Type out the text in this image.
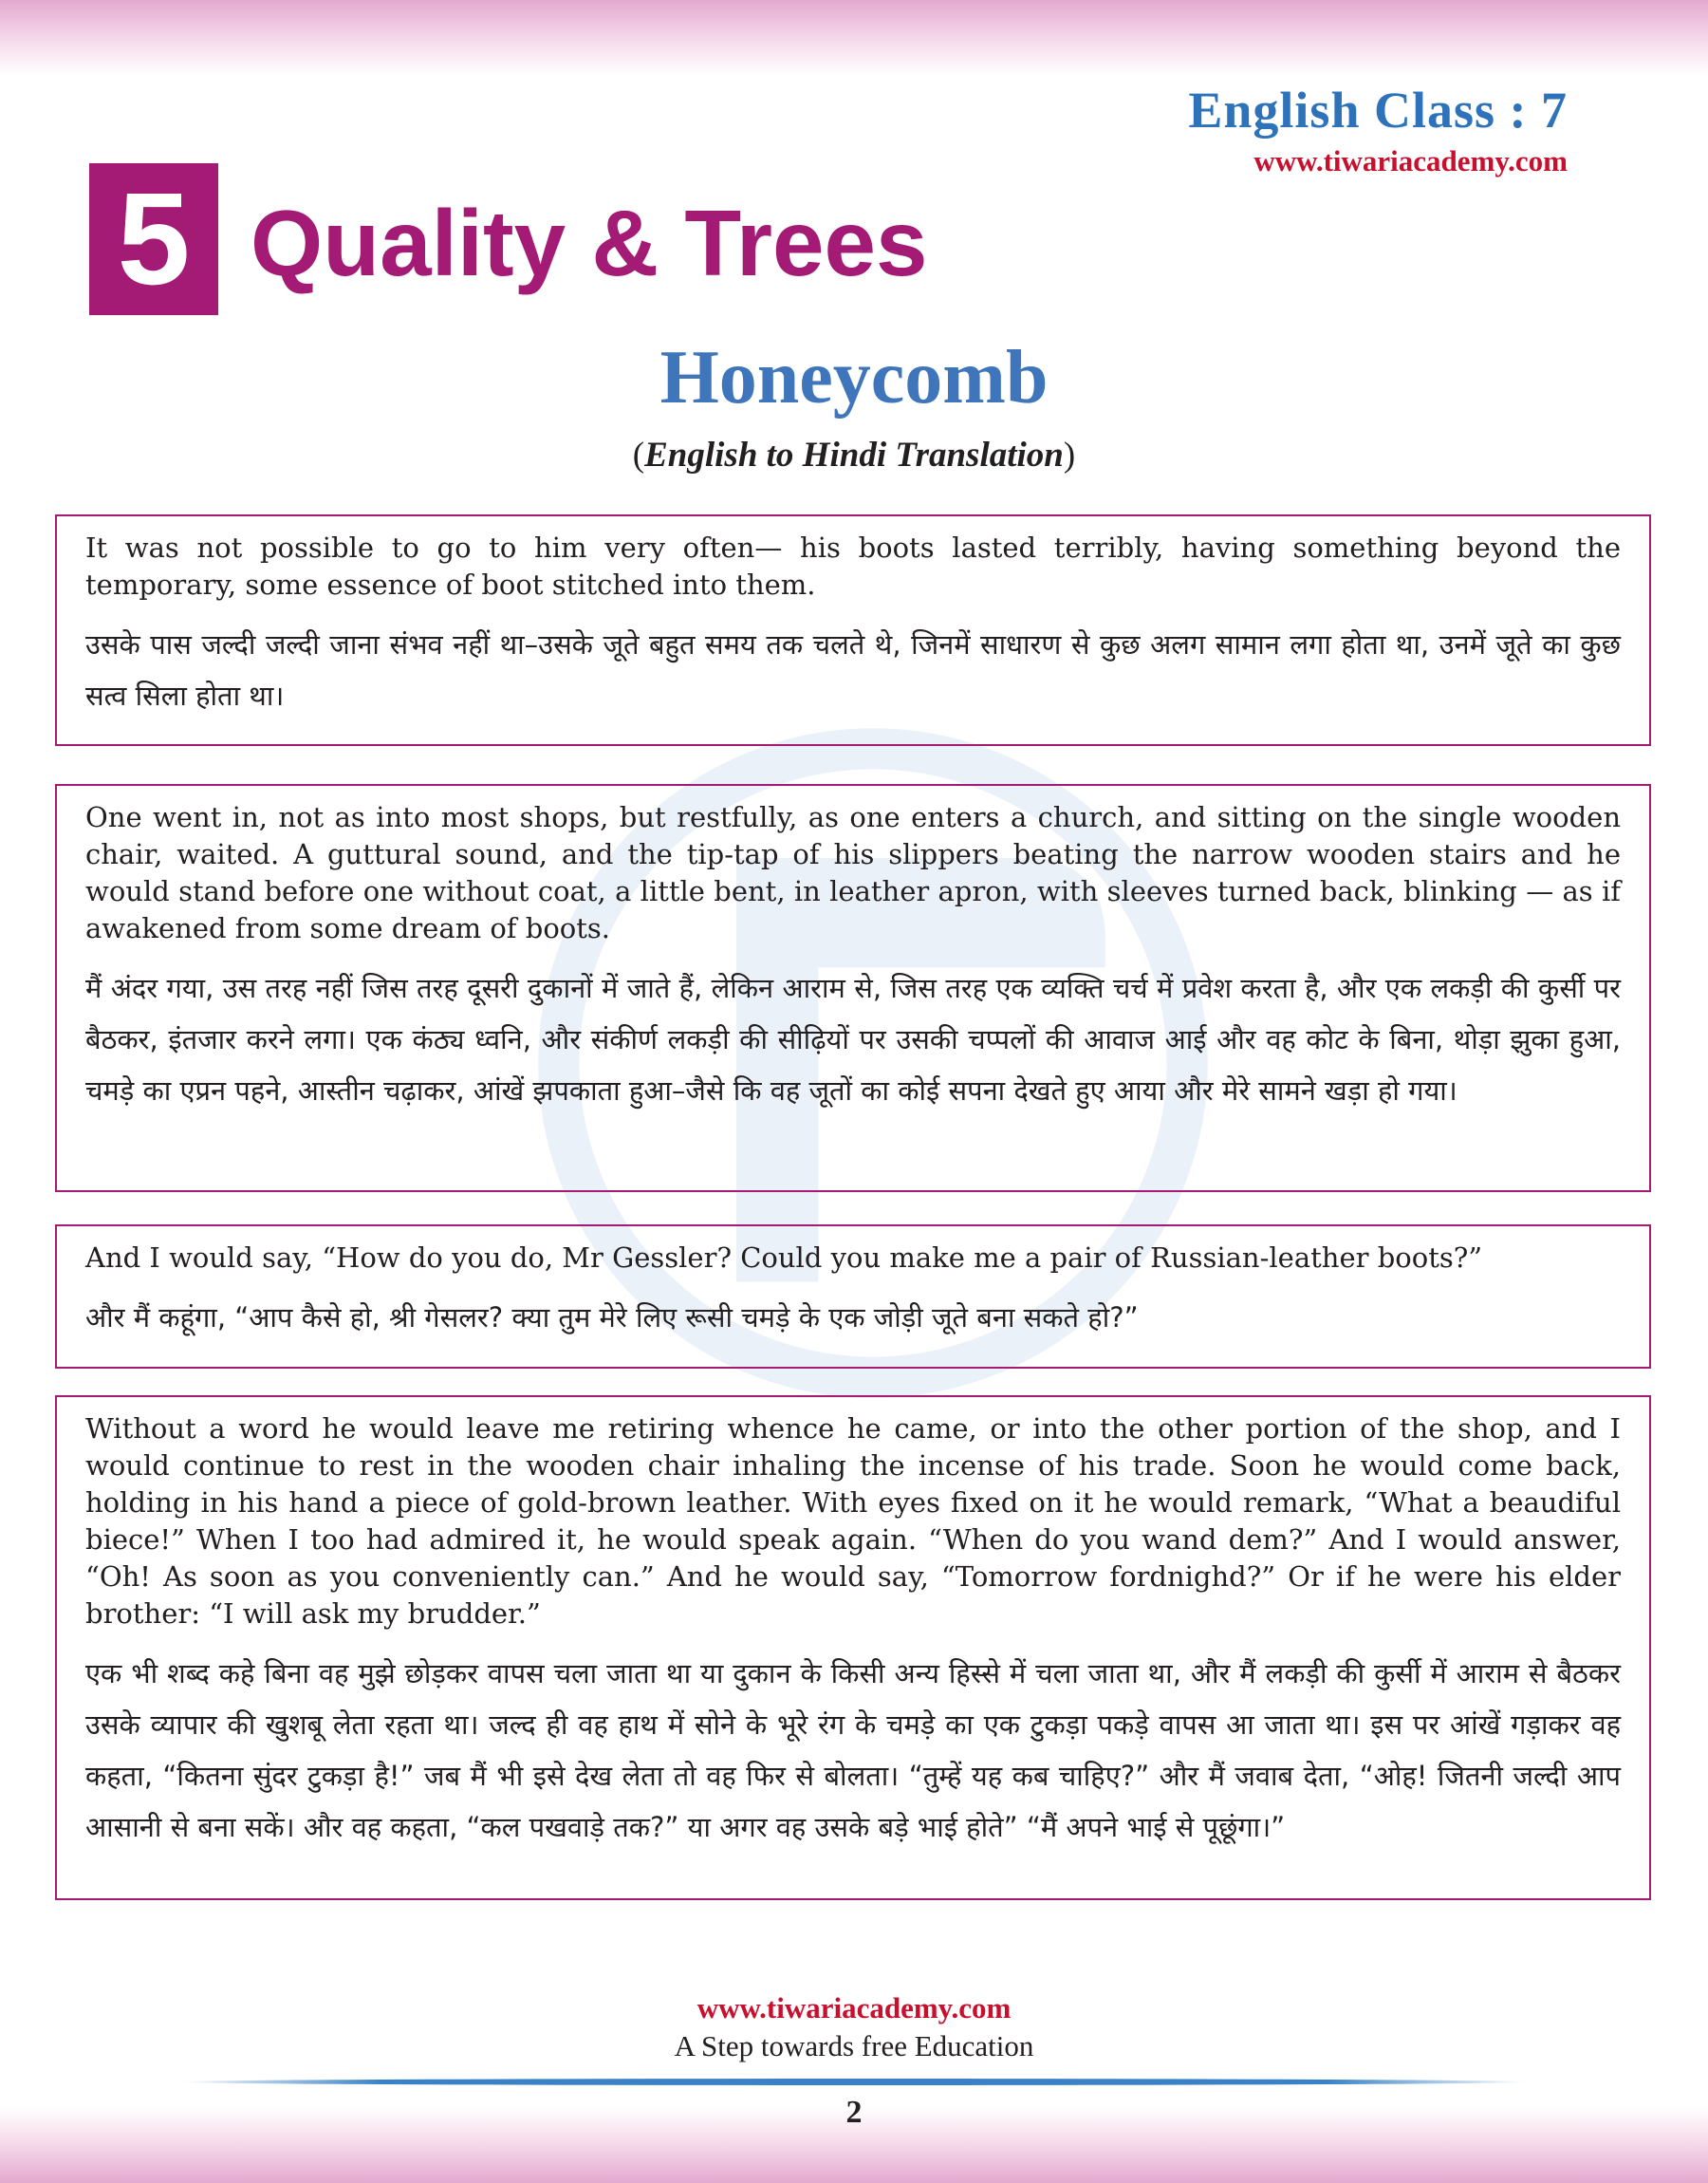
English Class : 7
www.tiwariacademy.com
5 Quality & Trees
Honeycomb
(English to Hindi Translation)

It was not possible to go to him very often— his boots lasted terribly, having something beyond the temporary, some essence of boot stitched into them.

उसके पास जल्दी जल्दी जाना संभव नहीं था–उसके जूते बहुत समय तक चलते थे, जिनमें साधारण से कुछ अलग सामान लगा होता था, उनमें जूते का कुछ सत्व सिला होता था।

One went in, not as into most shops, but restfully, as one enters a church, and sitting on the single wooden chair, waited. A guttural sound, and the tip-tap of his slippers beating the narrow wooden stairs and he would stand before one without coat, a little bent, in leather apron, with sleeves turned back, blinking — as if awakened from some dream of boots.

मैं अंदर गया, उस तरह नहीं जिस तरह दूसरी दुकानों में जाते हैं, लेकिन आराम से, जिस तरह एक व्यक्ति चर्च में प्रवेश करता है, और एक लकड़ी की कुर्सी पर बैठकर, इंतजार करने लगा। एक कंठ्य ध्वनि, और संकीर्ण लकड़ी की सीढ़ियों पर उसकी चप्पलों की आवाज आई और वह कोट के बिना, थोड़ा झुका हुआ, चमड़े का एप्रन पहने, आस्तीन चढ़ाकर, आंखें झपकाता हुआ–जैसे कि वह जूतों का कोई सपना देखते हुए आया और मेरे सामने खड़ा हो गया।

And I would say, “How do you do, Mr Gessler? Could you make me a pair of Russian-leather boots?”

और मैं कहूंगा, “आप कैसे हो, श्री गेसलर? क्या तुम मेरे लिए रूसी चमड़े के एक जोड़ी जूते बना सकते हो?”

Without a word he would leave me retiring whence he came, or into the other portion of the shop, and I would continue to rest in the wooden chair inhaling the incense of his trade. Soon he would come back, holding in his hand a piece of gold-brown leather. With eyes fixed on it he would remark, “What a beaudiful biece!” When I too had admired it, he would speak again. “When do you wand dem?” And I would answer, “Oh! As soon as you conveniently can.” And he would say, “Tomorrow fordnighd?” Or if he were his elder brother: “I will ask my brudder.”

एक भी शब्द कहे बिना वह मुझे छोड़कर वापस चला जाता था या दुकान के किसी अन्य हिस्से में चला जाता था, और मैं लकड़ी की कुर्सी में आराम से बैठकर उसके व्यापार की खुशबू लेता रहता था। जल्द ही वह हाथ में सोने के भूरे रंग के चमड़े का एक टुकड़ा पकड़े वापस आ जाता था। इस पर आंखें गड़ाकर वह कहता, “कितना सुंदर टुकड़ा है!” जब मैं भी इसे देख लेता तो वह फिर से बोलता। “तुम्हें यह कब चाहिए?” और मैं जवाब देता, “ओह! जितनी जल्दी आप आसानी से बना सकें। और वह कहता, “कल पखवाड़े तक?” या अगर वह उसके बड़े भाई होते” “मैं अपने भाई से पूछूंगा।”

www.tiwariacademy.com
A Step towards free Education
2
